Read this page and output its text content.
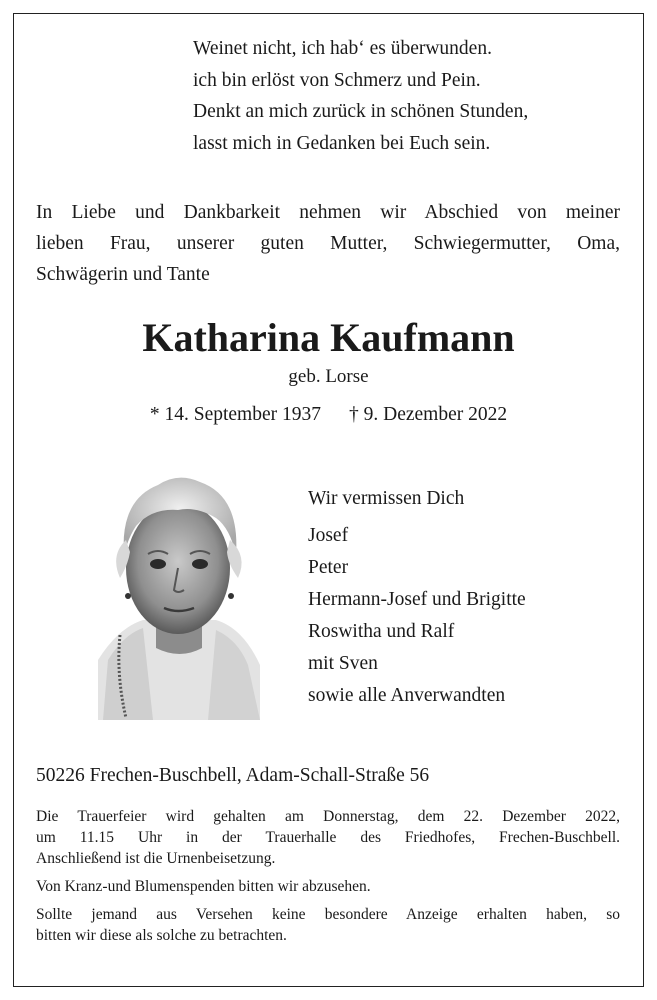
Weinet nicht, ich hab‘ es überwunden.
ich bin erlöst von Schmerz und Pein.
Denkt an mich zurück in schönen Stunden,
lasst mich in Gedanken bei Euch sein.
In Liebe und Dankbarkeit nehmen wir Abschied von meiner
lieben Frau, unserer guten Mutter, Schwiegermutter, Oma,
Schwägerin und Tante
Katharina Kaufmann
geb. Lorse
* 14. September 1937 † 9. Dezember 2022
Wir vermissen Dich
Josef
Peter
Hermann-Josef und Brigitte
Roswitha und Ralf
mit Sven
sowie alle Anverwandten
50226 Frechen-Buschbell, Adam-Schall-Straße 56
Die Trauerfeier wird gehalten am Donnerstag, dem 22. Dezember 2022,
um 11.15 Uhr in der Trauerhalle des Friedhofes, Frechen-Buschbell.
Anschließend ist die Urnenbeisetzung.
Von Kranz-und Blumenspenden bitten wir abzusehen.
Sollte jemand aus Versehen keine besondere Anzeige erhalten haben, so
bitten wir diese als solche zu betrachten.
